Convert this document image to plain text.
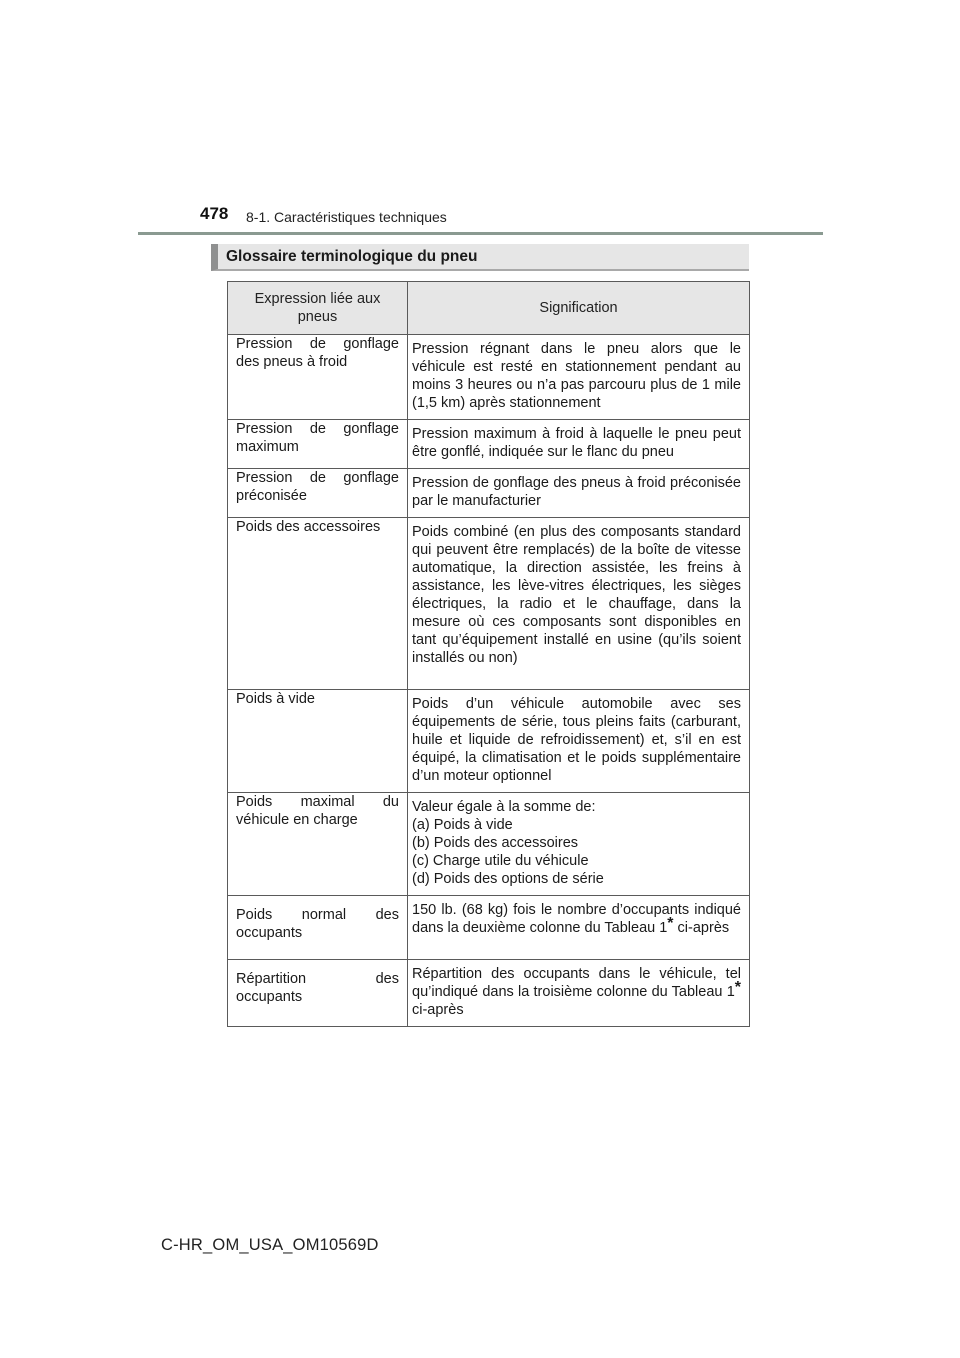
478 8-1. Caractéristiques techniques
Glossaire terminologique du pneu
Expression liée aux pneus	Signification
Pression de gonflage des pneus à froid	Pression régnant dans le pneu alors que le véhicule est resté en stationnement pendant au moins 3 heures ou n’a pas parcouru plus de 1 mile (1,5 km) après stationnement
Pression de gonflage maximum	Pression maximum à froid à laquelle le pneu peut être gonflé, indiquée sur le flanc du pneu
Pression de gonflage préconisée	Pression de gonflage des pneus à froid préconisée par le manufacturier
Poids des accessoires	Poids combiné (en plus des composants standard qui peuvent être remplacés) de la boîte de vitesse automatique, la direction assistée, les freins à assistance, les lève-vitres électriques, les sièges électriques, la radio et le chauffage, dans la mesure où ces composants sont disponibles en tant qu’équipement installé en usine (qu’ils soient installés ou non)
Poids à vide	Poids d’un véhicule automobile avec ses équipements de série, tous pleins faits (carburant, huile et liquide de refroidissement) et, s’il en est équipé, la climatisation et le poids supplémentaire d’un moteur optionnel
Poids maximal du véhicule en charge	Valeur égale à la somme de:
(a) Poids à vide
(b) Poids des accessoires
(c) Charge utile du véhicule
(d) Poids des options de série

Poids normal des occupants	150 lb. (68 kg) fois le nombre d’occupants indiqué dans la deuxième colonne du Tableau 1* ci-après
Répartition des occupants	Répartition des occupants dans le véhicule, tel qu’indiqué dans la troisième colonne du Tableau 1* ci-après
C-HR_OM_USA_OM10569D
